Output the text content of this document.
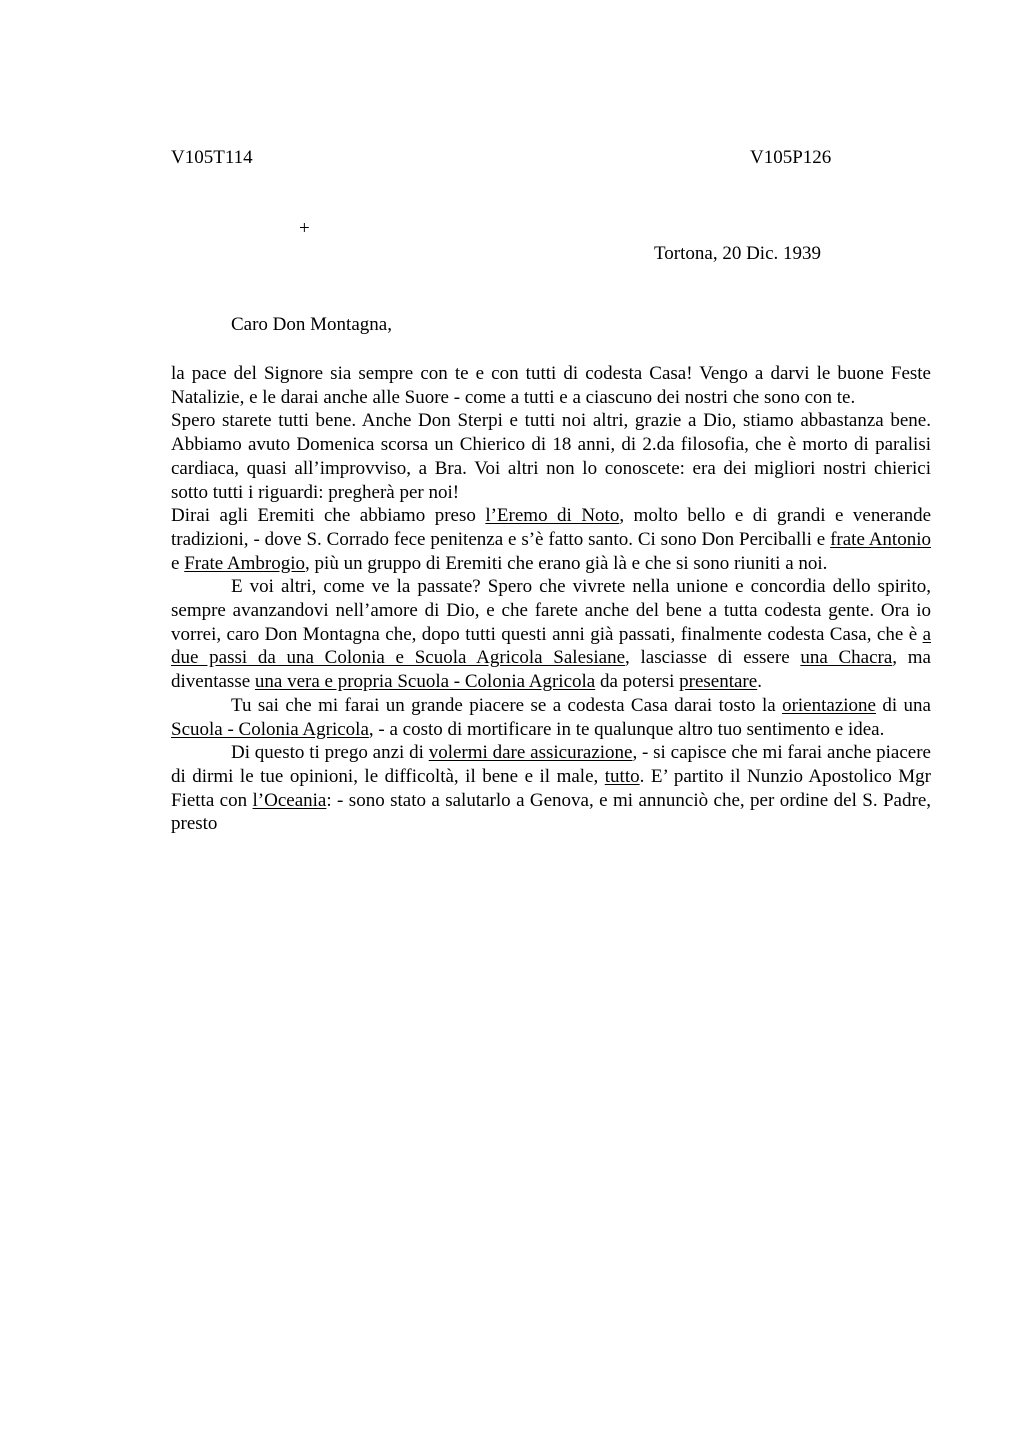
V105T114	V105P126
+
Tortona, 20 Dic. 1939
Caro Don Montagna,

la pace del Signore sia sempre con te e con tutti di codesta Casa! Vengo a darvi le buone Feste Natalizie, e le darai anche alle Suore - come a tutti e a ciascuno dei nostri che sono con te.

Spero starete tutti bene. Anche Don Sterpi e tutti noi altri, grazie a Dio, stiamo abbastanza bene. Abbiamo avuto Domenica scorsa un Chierico di 18 anni, di 2.da filosofia, che è morto di paralisi cardiaca, quasi all’improvviso, a Bra. Voi altri non lo conoscete: era dei migliori nostri chierici sotto tutti i riguardi: pregherà per noi!

Dirai agli Eremiti che abbiamo preso l’Eremo di Noto, molto bello e di grandi e venerande tradizioni, - dove S. Corrado fece penitenza e s’è fatto santo. Ci sono Don Perciballi e frate Antonio e Frate Ambrogio, più un gruppo di Eremiti che erano già là e che si sono riuniti a noi.

E voi altri, come ve la passate? Spero che vivrete nella unione e concordia dello spirito, sempre avanzandovi nell’amore di Dio, e che farete anche del bene a tutta codesta gente. Ora io vorrei, caro Don Montagna che, dopo tutti questi anni già passati, finalmente codesta Casa, che è a due passi da una Colonia e Scuola Agricola Salesiane, lasciasse di essere una Chacra, ma diventasse una vera e propria Scuola - Colonia Agricola da potersi presentare.

Tu sai che mi farai un grande piacere se a codesta Casa darai tosto la orientazione di una Scuola - Colonia Agricola, - a costo di mortificare in te qualunque altro tuo sentimento e idea.

Di questo ti prego anzi di volermi dare assicurazione, - si capisce che mi farai anche piacere di dirmi le tue opinioni, le difficoltà, il bene e il male, tutto. E’ partito il Nunzio Apostolico Mgr Fietta con l’Oceania: - sono stato a salutarlo a Genova, e mi annunciò che, per ordine del S. Padre, presto
